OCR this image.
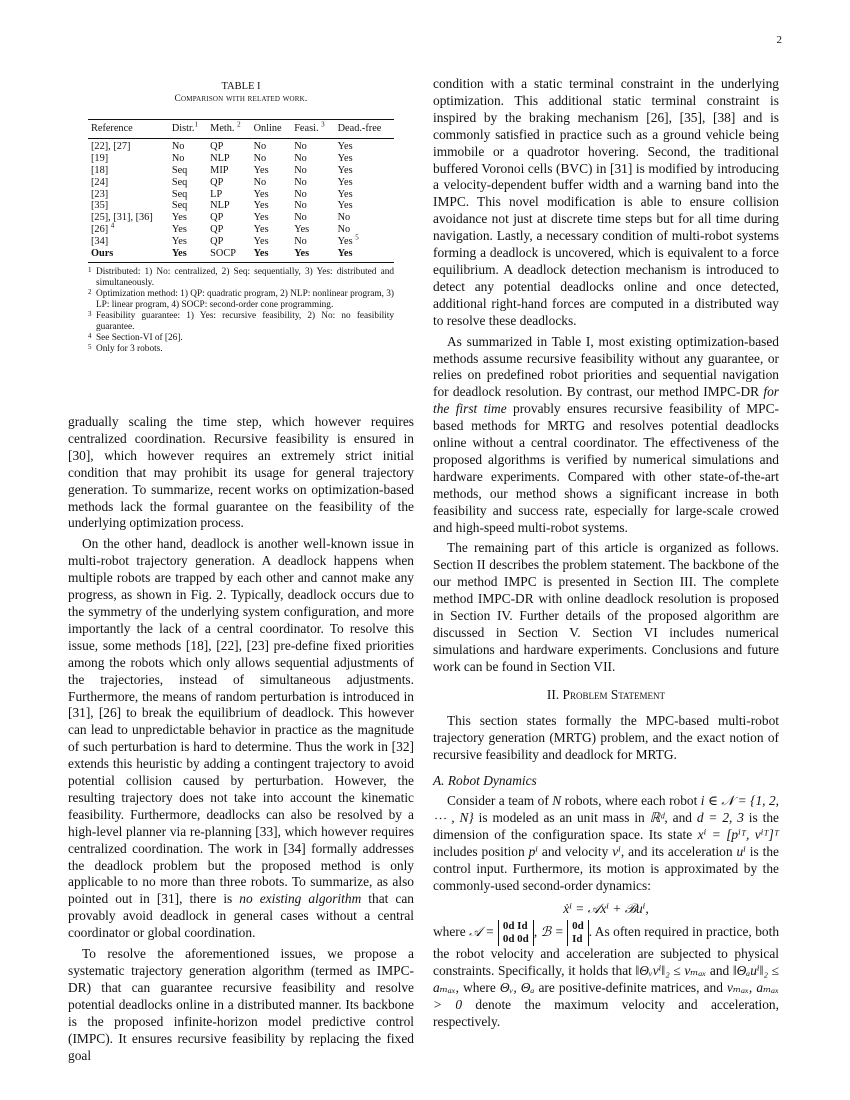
2
TABLE I
Comparison with related work.
Reference	Distr.$^1$	Meth. $^2$	Online	Feasi. $^3$	Dead.-free
[22], [27]	No	QP	No	No	Yes
[19]	No	NLP	No	No	Yes
[18]	Seq	MIP	Yes	No	Yes
[24]	Seq	QP	No	No	Yes
[23]	Seq	LP	Yes	No	Yes
[35]	Seq	NLP	Yes	No	Yes
[25], [31], [36]	Yes	QP	Yes	No	No
[26] $^4$	Yes	QP	Yes	Yes	No
[34]	Yes	QP	Yes	No	Yes $^5$
Ours	Yes	SOCP	Yes	Yes	Yes
1 Distributed: 1) No: centralized, 2) Seq: sequentially, 3) Yes: distributed and simultaneously.
2 Optimization method: 1) QP: quadratic program, 2) NLP: nonlinear program, 3) LP: linear program, 4) SOCP: second-order cone programming.
3 Feasibility guarantee: 1) Yes: recursive feasibility, 2) No: no feasibility guarantee.
4 See Section-VI of [26].
5 Only for 3 robots.

gradually scaling the time step, which however requires centralized coordination. Recursive feasibility is ensured in [30], which however requires an extremely strict initial condition that may prohibit its usage for general trajectory generation. To summarize, recent works on optimization-based methods lack the formal guarantee on the feasibility of the underlying optimization process.

On the other hand, deadlock is another well-known issue in multi-robot trajectory generation. A deadlock happens when multiple robots are trapped by each other and cannot make any progress, as shown in Fig. 2. Typically, deadlock occurs due to the symmetry of the underlying system configuration, and more importantly the lack of a central coordinator. To resolve this issue, some methods [18], [22], [23] pre-define fixed priorities among the robots which only allows sequential adjustments of the trajectories, instead of simultaneous adjustments. Furthermore, the means of random perturbation is introduced in [31], [26] to break the equilibrium of deadlock. This however can lead to unpredictable behavior in practice as the magnitude of such perturbation is hard to determine. Thus the work in [32] extends this heuristic by adding a contingent trajectory to avoid potential collision caused by perturbation. However, the resulting trajectory does not take into account the kinematic feasibility. Furthermore, deadlocks can also be resolved by a high-level planner via re-planning [33], which however requires centralized coordination. The work in [34] formally addresses the deadlock problem but the proposed method is only applicable to no more than three robots. To summarize, as also pointed out in [31], there is no existing algorithm that can provably avoid deadlock in general cases without a central coordinator or global coordination.

To resolve the aforementioned issues, we propose a systematic trajectory generation algorithm (termed as IMPC-DR) that can guarantee recursive feasibility and resolve potential deadlocks online in a distributed manner. Its backbone is the proposed infinite-horizon model predictive control (IMPC). It ensures recursive feasibility by replacing the fixed goal

condition with a static terminal constraint in the underlying optimization. This additional static terminal constraint is inspired by the braking mechanism [26], [35], [38] and is commonly satisfied in practice such as a ground vehicle being immobile or a quadrotor hovering. Second, the traditional buffered Voronoi cells (BVC) in [31] is modified by introducing a velocity-dependent buffer width and a warning band into the IMPC. This novel modification is able to ensure collision avoidance not just at discrete time steps but for all time during navigation. Lastly, a necessary condition of multi-robot systems forming a deadlock is uncovered, which is equivalent to a force equilibrium. A deadlock detection mechanism is introduced to detect any potential deadlocks online and once detected, additional right-hand forces are computed in a distributed way to resolve these deadlocks.

As summarized in Table I, most existing optimization-based methods assume recursive feasibility without any guarantee, or relies on predefined robot priorities and sequential navigation for deadlock resolution. By contrast, our method IMPC-DR for the first time provably ensures recursive feasibility of MPC-based methods for MRTG and resolves potential deadlocks online without a central coordinator. The effectiveness of the proposed algorithms is verified by numerical simulations and hardware experiments. Compared with other state-of-the-art methods, our method shows a significant increase in both feasibility and success rate, especially for large-scale crowed and high-speed multi-robot systems.

The remaining part of this article is organized as follows. Section II describes the problem statement. The backbone of the our method IMPC is presented in Section III. The complete method IMPC-DR with online deadlock resolution is proposed in Section IV. Further details of the proposed algorithm are discussed in Section V. Section VI includes numerical simulations and hardware experiments. Conclusions and future work can be found in Section VII.

II. Problem Statement

This section states formally the MPC-based multi-robot trajectory generation (MRTG) problem, and the exact notion of recursive feasibility and deadlock for MRTG.

A. Robot Dynamics

Consider a team of N robots, where each robot i ∈ 𝒩 = {1, 2, ⋯ , N} is modeled as an unit mass in ℝᵈ, and d = 2, 3 is the dimension of the configuration space. Its state xⁱ = [pⁱᵀ, vⁱᵀ]ᵀ includes position pⁱ and velocity vⁱ, and its acceleration uⁱ is the control input. Furthermore, its motion is approximated by the commonly-used second-order dynamics:

ẋⁱ = 𝒜xⁱ + ℬuⁱ,

where 𝒜 = 0d Id
0d 0d , ℬ = 0d
Id . As often required in practice, both the robot velocity and acceleration are subjected to physical constraints. Specifically, it holds that ‖Θᵥvⁱ‖₂ ≤ vₘₐₓ and ‖Θₐuⁱ‖₂ ≤ aₘₐₓ, where Θᵥ, Θₐ are positive-definite matrices, and vₘₐₓ, aₘₐₓ > 0 denote the maximum velocity and acceleration, respectively.
